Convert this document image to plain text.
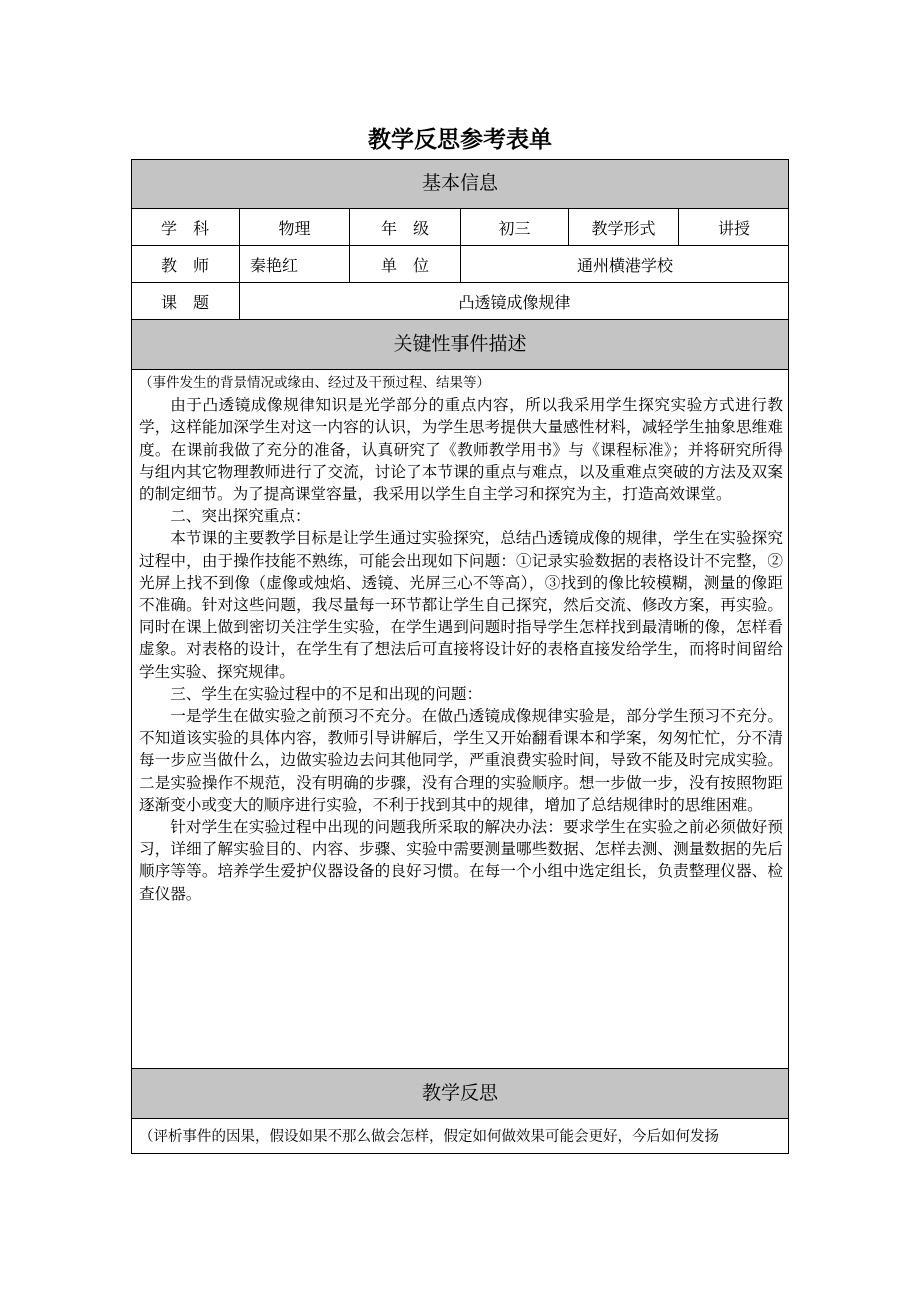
教学反思参考表单
基本信息
学　科	物理	年　级	初三	教学形式	讲授
教　师	秦艳红	单　位	通州横港学校
课　题	凸透镜成像规律
关键性事件描述

（事件发生的背景情况或缘由、经过及干预过程、结果等）

由于凸透镜成像规律知识是光学部分的重点内容，所以我采用学生探究实验方式进行教学，这样能加深学生对这一内容的认识，为学生思考提供大量感性材料，减轻学生抽象思维难度。在课前我做了充分的准备，认真研究了《教师教学用书》与《课程标准》；并将研究所得与组内其它物理教师进行了交流，讨论了本节课的重点与难点，以及重难点突破的方法及双案的制定细节。为了提高课堂容量，我采用以学生自主学习和探究为主，打造高效课堂。

二、突出探究重点：

本节课的主要教学目标是让学生通过实验探究，总结凸透镜成像的规律，学生在实验探究过程中，由于操作技能不熟练，可能会出现如下问题：①记录实验数据的表格设计不完整，②光屏上找不到像（虚像或烛焰、透镜、光屏三心不等高），③找到的像比较模糊，测量的像距不准确。针对这些问题，我尽量每一环节都让学生自己探究，然后交流、修改方案，再实验。同时在课上做到密切关注学生实验，在学生遇到问题时指导学生怎样找到最清晰的像，怎样看虚象。对表格的设计，在学生有了想法后可直接将设计好的表格直接发给学生，而将时间留给学生实验、探究规律。

三、学生在实验过程中的不足和出现的问题：

一是学生在做实验之前预习不充分。在做凸透镜成像规律实验是，部分学生预习不充分。不知道该实验的具体内容，教师引导讲解后，学生又开始翻看课本和学案，匆匆忙忙，分不清每一步应当做什么，边做实验边去问其他同学，严重浪费实验时间，导致不能及时完成实验。二是实验操作不规范，没有明确的步骤，没有合理的实验顺序。想一步做一步，没有按照物距逐渐变小或变大的顺序进行实验，不利于找到其中的规律，增加了总结规律时的思维困难。

针对学生在实验过程中出现的问题我所采取的解决办法：要求学生在实验之前必须做好预习，详细了解实验目的、内容、步骤、实验中需要测量哪些数据、怎样去测、测量数据的先后顺序等等。培养学生爱护仪器设备的良好习惯。在每一个小组中选定组长，负责整理仪器、检查仪器。

教学反思

（评析事件的因果，假设如果不那么做会怎样，假定如何做效果可能会更好，今后如何发扬
